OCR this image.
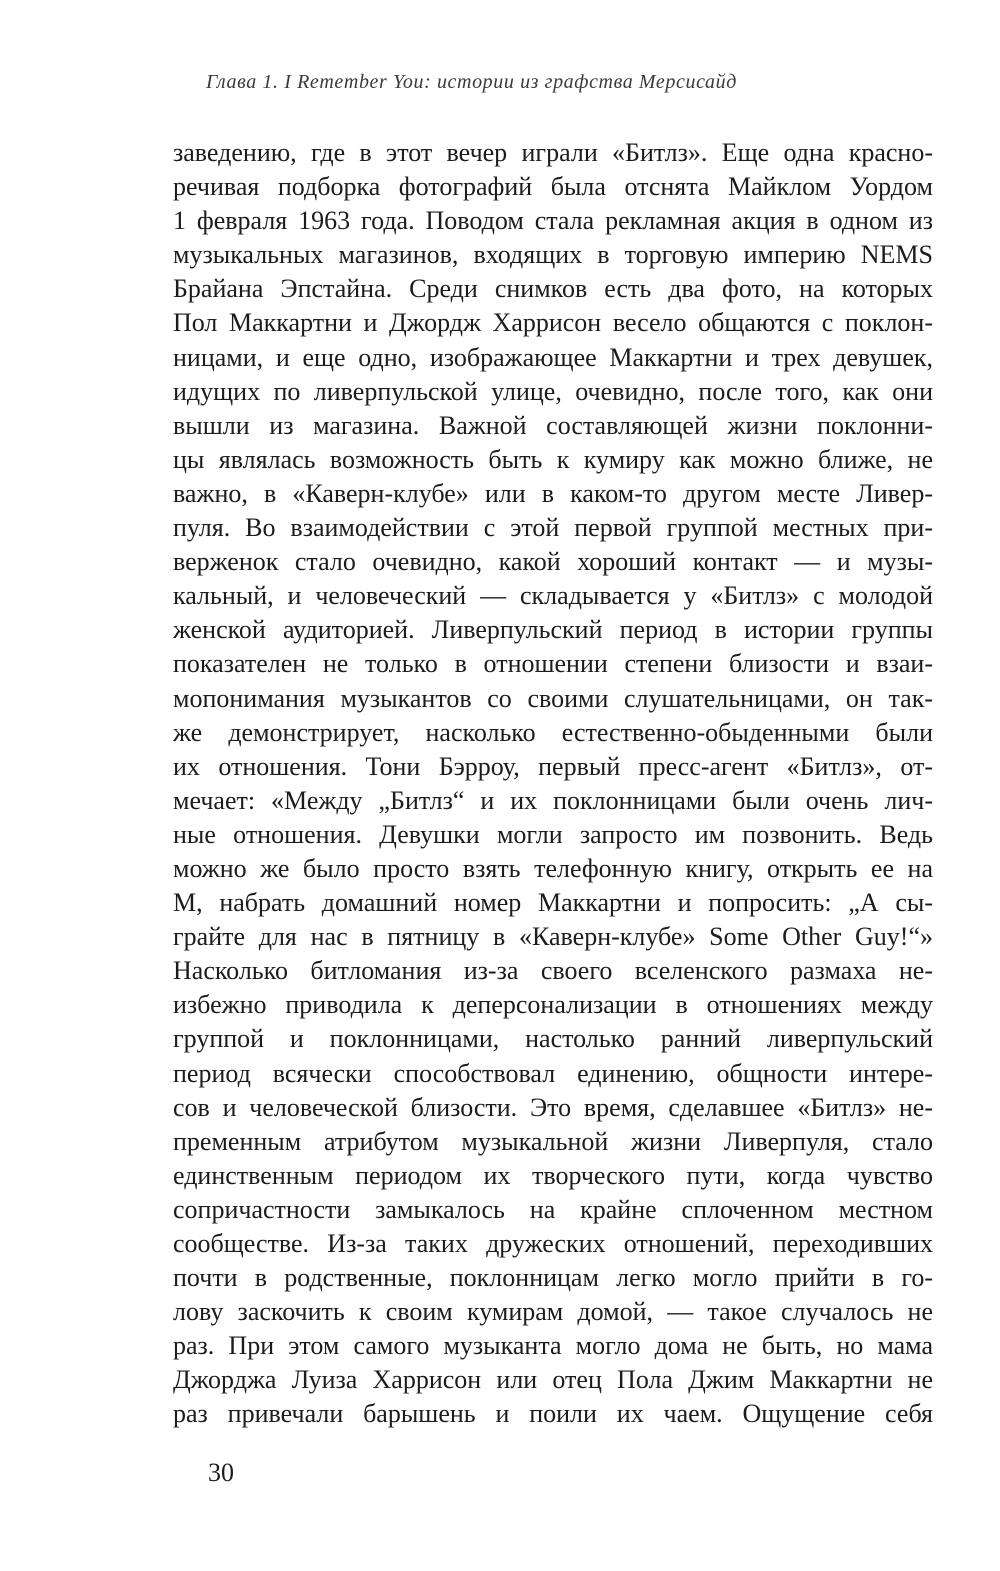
Глава 1. I Remember You: истории из графства Мерсисайд
заведению, где в этот вечер играли «Битлз». Еще одна красно-
речивая подборка фотографий была отснята Майклом Уордом
1 февраля 1963 года. Поводом стала рекламная акция в одном из
музыкальных магазинов, входящих в торговую империю NEMS
Брайана Эпстайна. Среди снимков есть два фото, на которых
Пол Маккартни и Джордж Харрисон весело общаются с поклон-
ницами, и еще одно, изображающее Маккартни и трех девушек,
идущих по ливерпульской улице, очевидно, после того, как они
вышли из магазина. Важной составляющей жизни поклонни-
цы являлась возможность быть к кумиру как можно ближе, не
важно, в «Каверн-клубе» или в каком-то другом месте Ливер-
пуля. Во взаимодействии с этой первой группой местных при-
верженок стало очевидно, какой хороший контакт — и музы-
кальный, и человеческий — складывается у «Битлз» с молодой
женской аудиторией. Ливерпульский период в истории группы
показателен не только в отношении степени близости и взаи-
мопонимания музыкантов со своими слушательницами, он так-
же демонстрирует, насколько естественно-обыденными были
их отношения. Тони Бэрроу, первый пресс-агент «Битлз», от-
мечает: «Между „Битлз“ и их поклонницами были очень лич-
ные отношения. Девушки могли запросто им позвонить. Ведь
можно же было просто взять телефонную книгу, открыть ее на
М, набрать домашний номер Маккартни и попросить: „А сы-
грайте для нас в пятницу в «Каверн-клубе» Some Other Guy!“»
Насколько битломания из-за своего вселенского размаха не-
избежно приводила к деперсонализации в отношениях между
группой и поклонницами, настолько ранний ливерпульский
период всячески способствовал единению, общности интере-
сов и человеческой близости. Это время, сделавшее «Битлз» не-
пременным атрибутом музыкальной жизни Ливерпуля, стало
единственным периодом их творческого пути, когда чувство
сопричастности замыкалось на крайне сплоченном местном
сообществе. Из-за таких дружеских отношений, переходивших
почти в родственные, поклонницам легко могло прийти в го-
лову заскочить к своим кумирам домой, — такое случалось не
раз. При этом самого музыканта могло дома не быть, но мама
Джорджа Луиза Харрисон или отец Пола Джим Маккартни не
раз привечали барышень и поили их чаем. Ощущение себя
30
